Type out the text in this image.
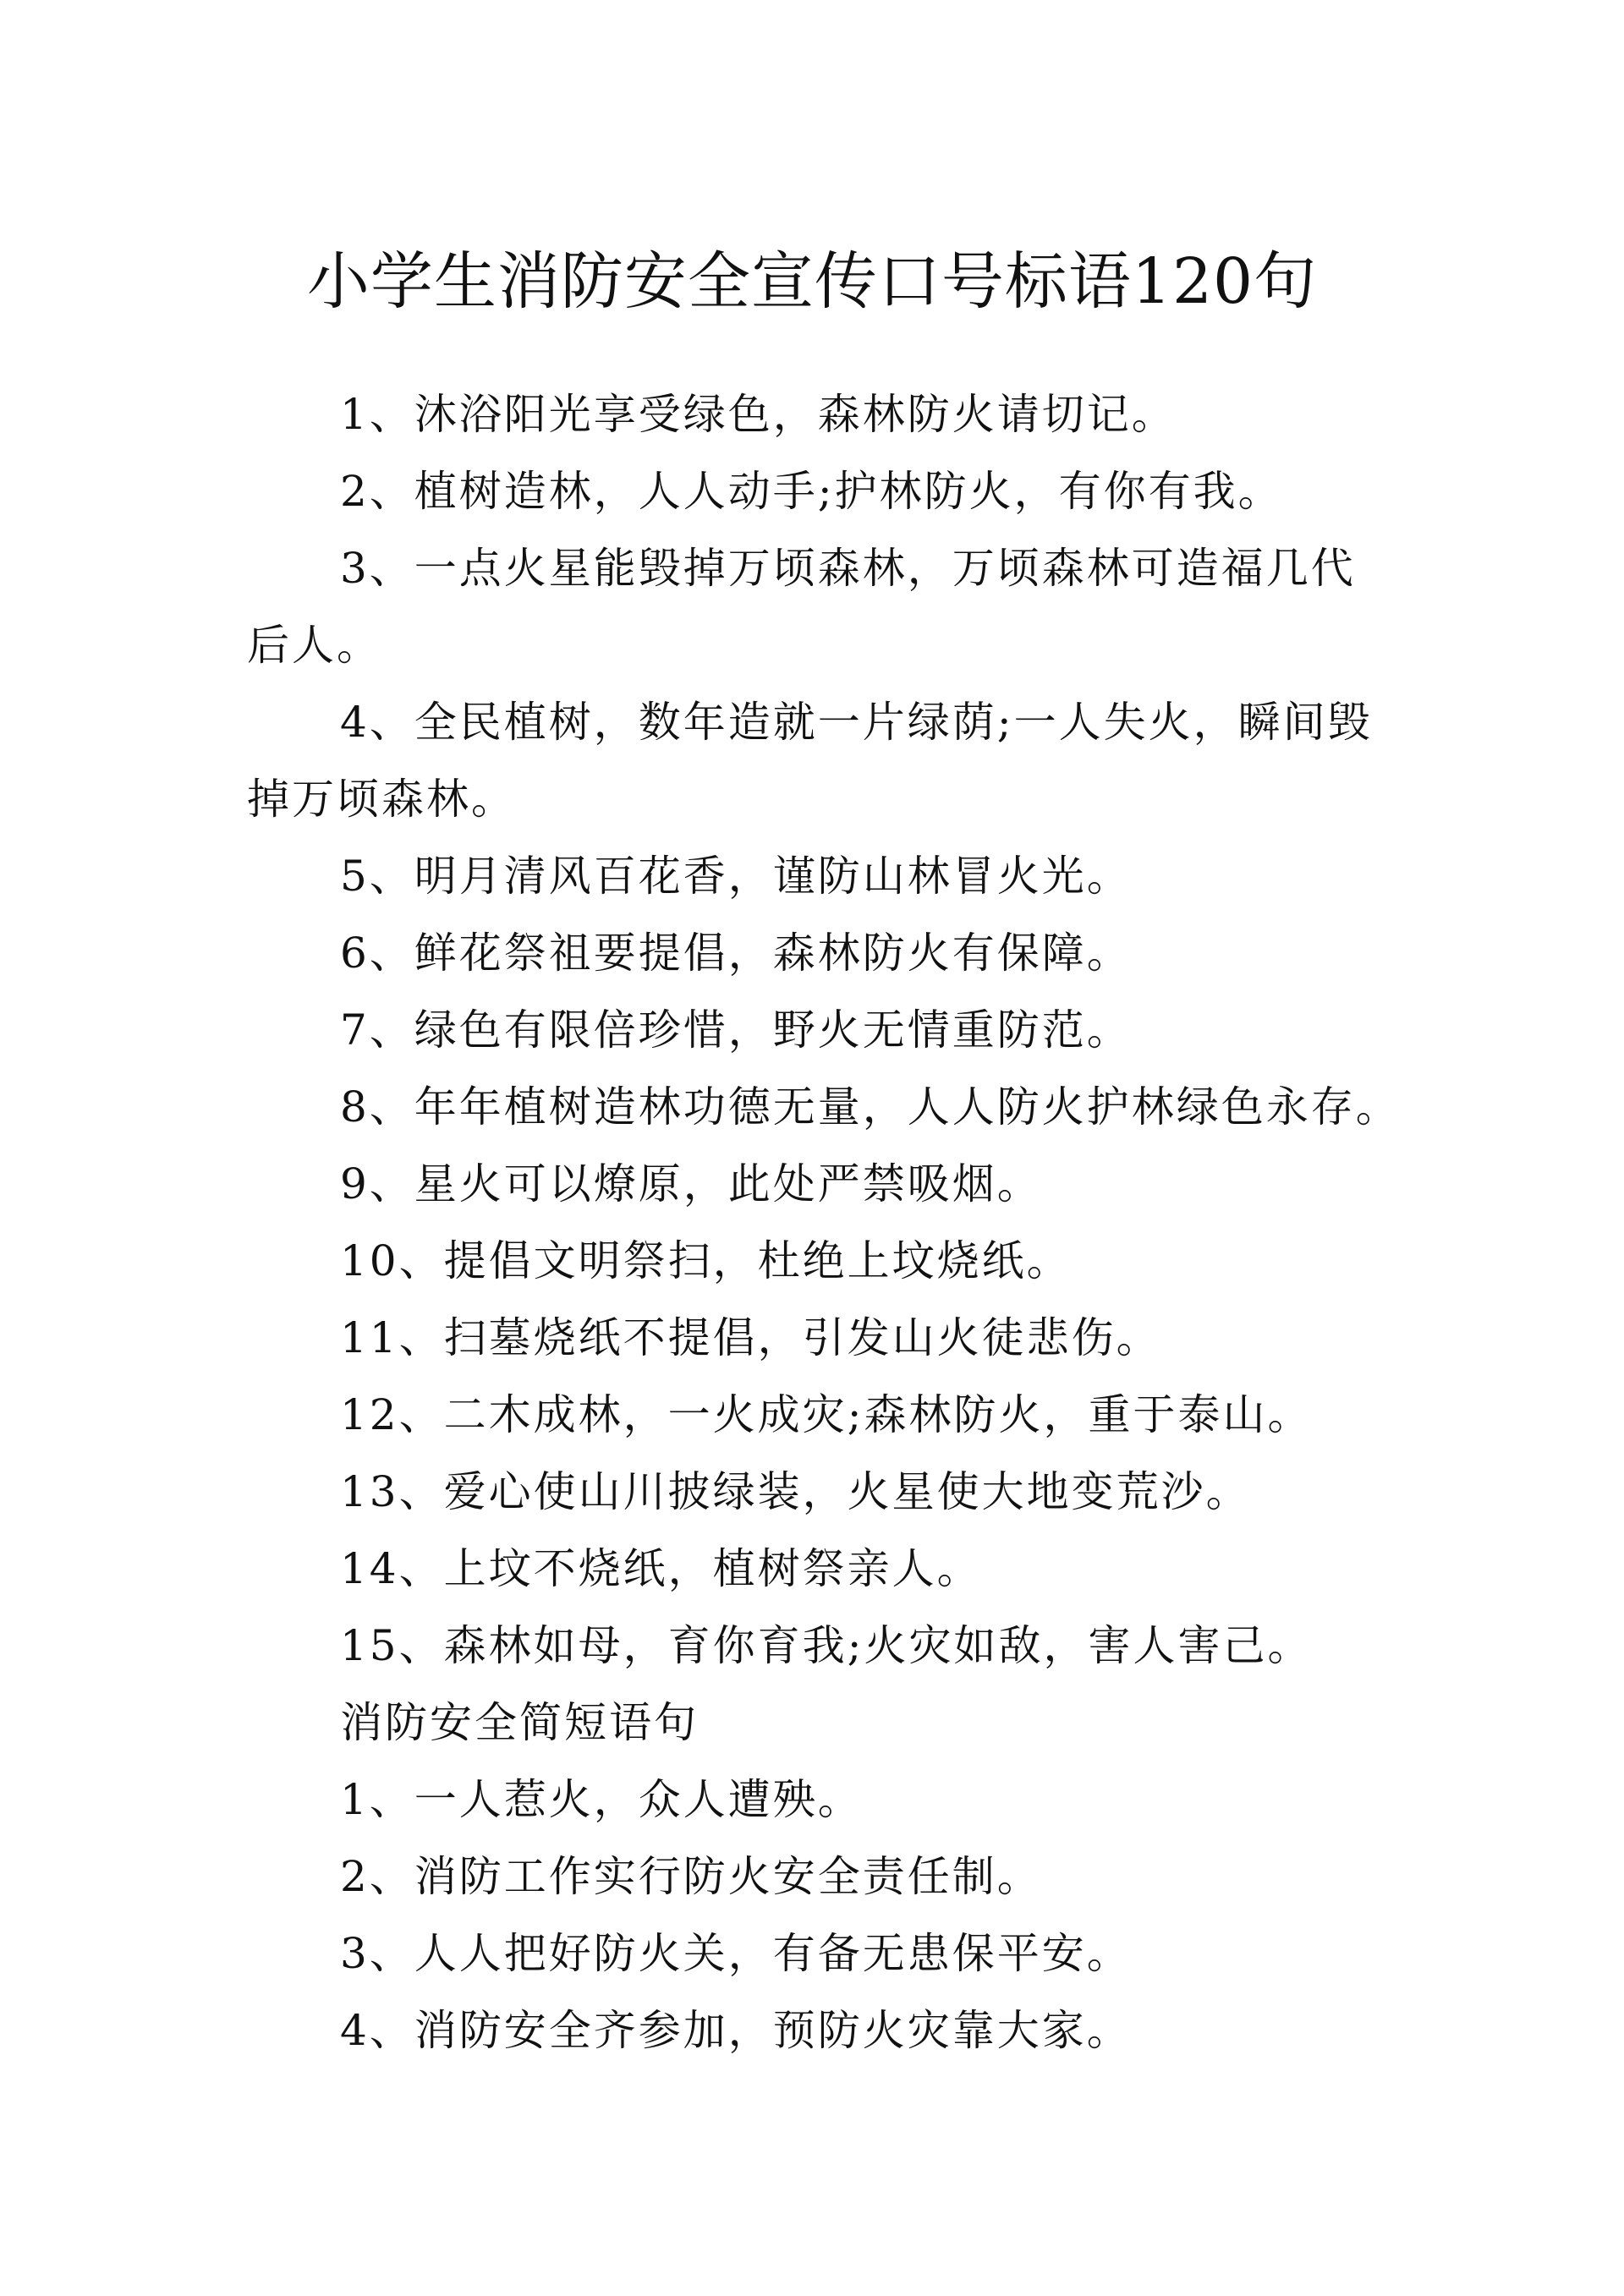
小学生消防安全宣传口号标语120句

1、沐浴阳光享受绿色，森林防火请切记。

2、植树造林，人人动手;护林防火，有你有我。

3、一点火星能毁掉万顷森林，万顷森林可造福几代后人。

4、全民植树，数年造就一片绿荫;一人失火，瞬间毁掉万顷森林。

5、明月清风百花香，谨防山林冒火光。

6、鲜花祭祖要提倡，森林防火有保障。

7、绿色有限倍珍惜，野火无情重防范。

8、年年植树造林功德无量，人人防火护林绿色永存。

9、星火可以燎原，此处严禁吸烟。

10、提倡文明祭扫，杜绝上坟烧纸。

11、扫墓烧纸不提倡，引发山火徒悲伤。

12、二木成林，一火成灾;森林防火，重于泰山。

13、爱心使山川披绿装，火星使大地变荒沙。

14、上坟不烧纸，植树祭亲人。

15、森林如母，育你育我;火灾如敌，害人害己。

消防安全简短语句

1、一人惹火，众人遭殃。

2、消防工作实行防火安全责任制。

3、人人把好防火关，有备无患保平安。

4、消防安全齐参加，预防火灾靠大家。
